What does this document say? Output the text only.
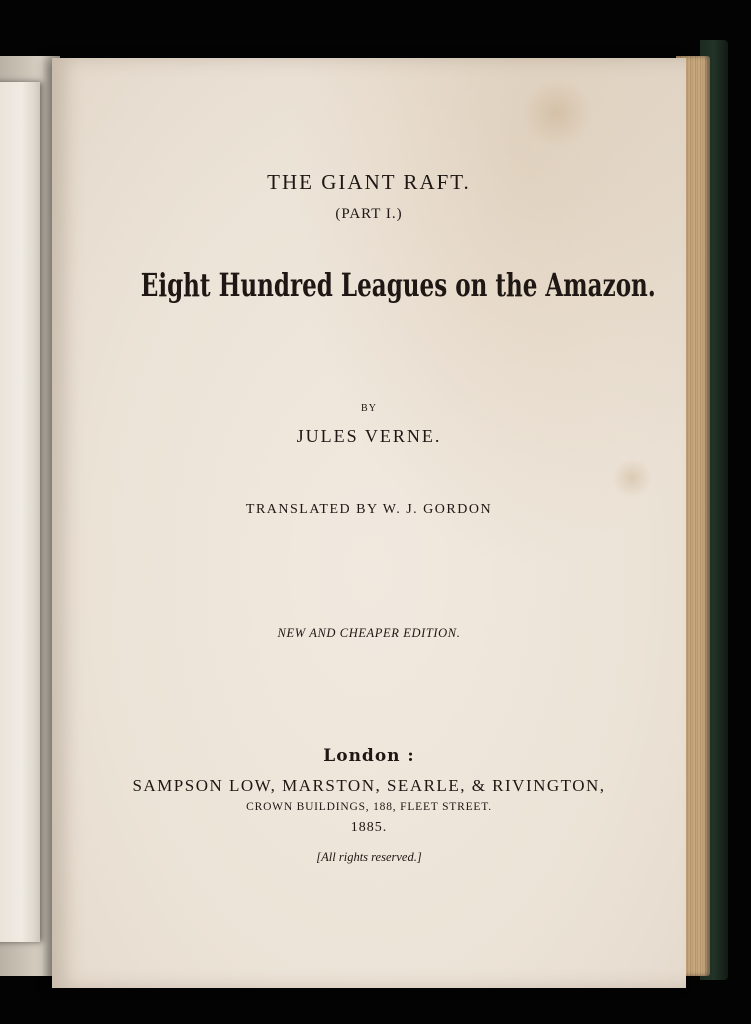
THE GIANT RAFT.
(PART I.)
Eight Hundred Leagues on the Amazon.
BY
JULES VERNE.
TRANSLATED BY W. J. GORDON
NEW AND CHEAPER EDITION.
London :
SAMPSON LOW, MARSTON, SEARLE, & RIVINGTON,
CROWN BUILDINGS, 188, FLEET STREET.
1885.
[All rights reserved.]
